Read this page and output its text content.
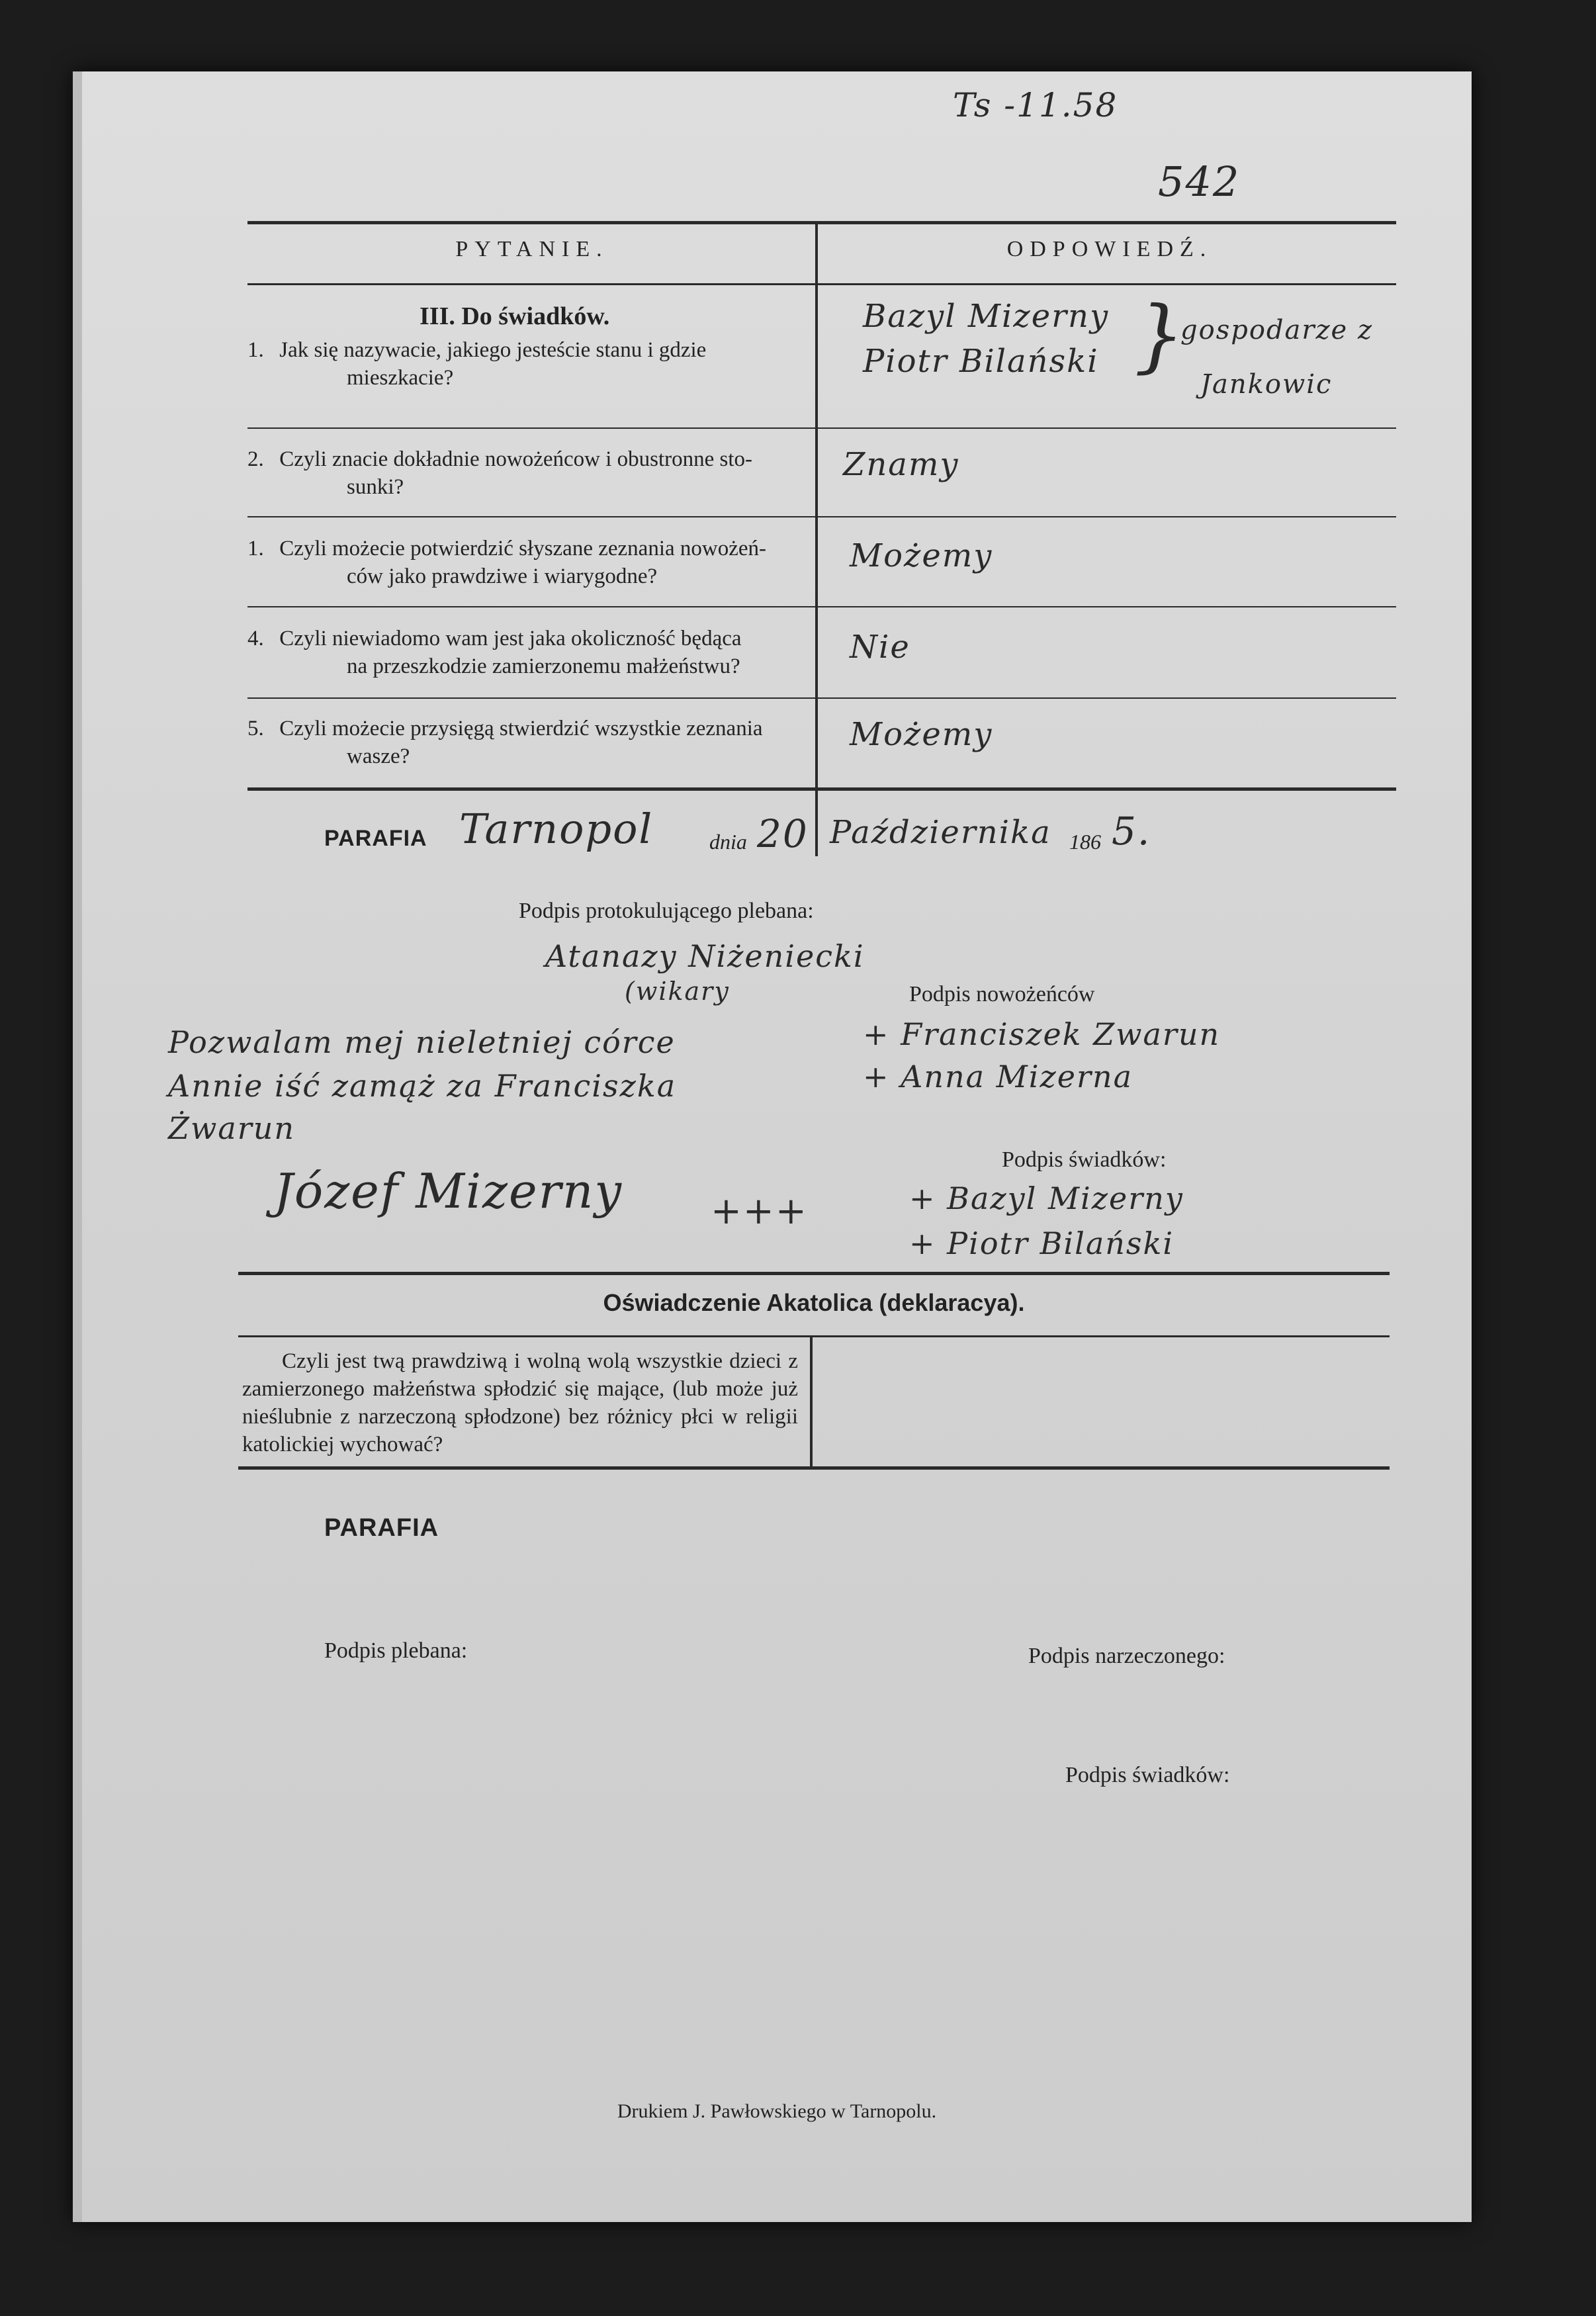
Ts -11.58
542
PYTANIE.	ODPOWIEDŹ.
III. Do świadków.
1. Jak się nazywacie, jakiego jesteście stanu i gdzie
mieszkacie?
Bazyl Mizerny
Piotr Bilański }
gospodarze z
Jankowic
2. Czyli znacie dokładnie nowożeńcow i obustronne sto-
sunki?
Znamy
1. Czyli możecie potwierdzić słyszane zeznania nowożeń-
ców jako prawdziwe i wiarygodne?
Możemy
4. Czyli niewiadomo wam jest jaka okoliczność będąca
na przeszkodzie zamierzonemu małżeństwu?
Nie
5. Czyli możecie przysięgą stwierdzić wszystkie zeznania
wasze?
Możemy
PARAFIA Tarnopol	dnia 20 Października 186 5.
Podpis protokulującego plebana:
Atanazy Niżeniecki
(wikary	Podpis nowożeńców
+ Franciszek Zwarun
+ Anna Mizerna
Pozwalam mej nieletniej córce
Annie iść zamąż za Franciszka
Żwarun
Józef Mizerny +++
Podpis świadków:
+ Bazyl Mizerny
+ Piotr Bilański
Oświadczenie Akatolica (deklaracya).
Czyli jest twą prawdziwą i wolną wolą wszystkie dzieci z zamierzonego małżeństwa spłodzić się mające, (lub może już nieślubnie z narzeczoną spłodzone) bez różnicy płci w religii katolickiej wychować?
PARAFIA
Podpis plebana:	Podpis narzeczonego:
Podpis świadków:
Drukiem J. Pawłowskiego w Tarnopolu.
